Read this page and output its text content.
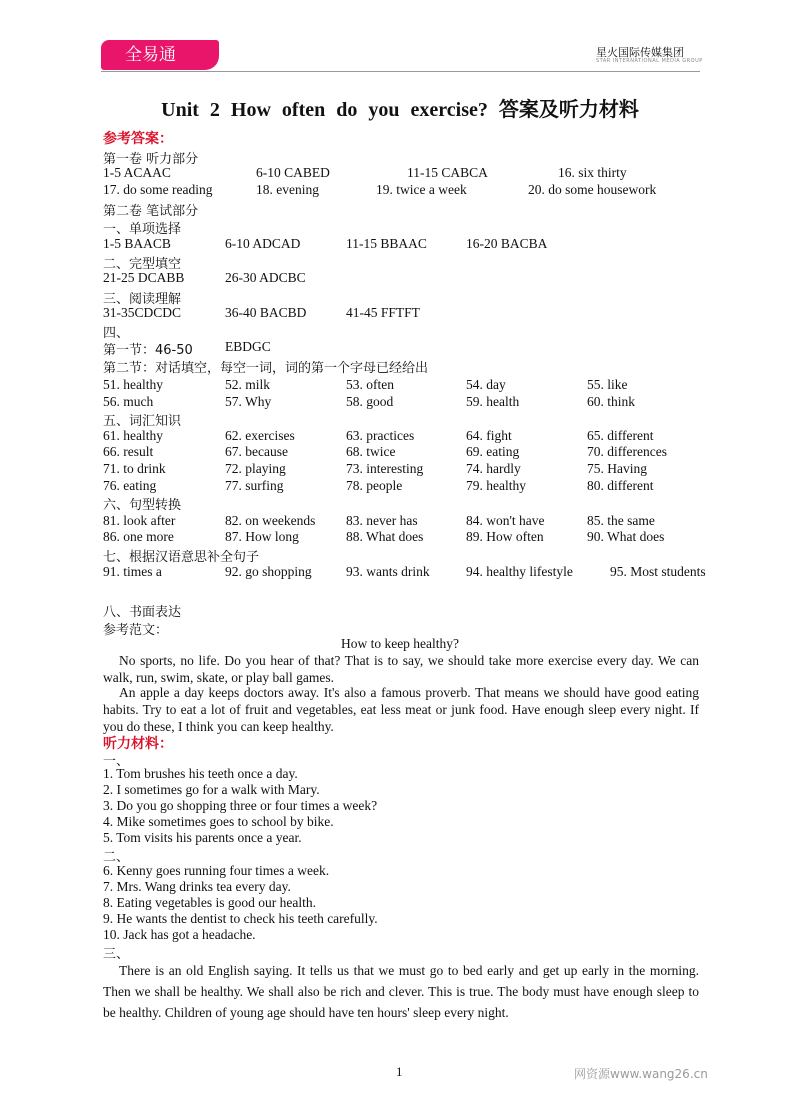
全易通	星火国际传媒集团
STAR INTERNATIONAL MEDIA GROUP
Unit 2 How often do you exercise? 答案及听力材料
参考答案：
第一卷 听力部分
1-5 ACAAC	6-10 CABED	11-15 CABCA	16. six thirty
17. do some reading	18. evening	19. twice a week	20. do some housework
第二卷 笔试部分
一、单项选择
1-5 BAACB	6-10 ADCAD	11-15 BBAAC	16-20 BACBA
二、完型填空
21-25 DCABB	26-30 ADCBC
三、阅读理解
31-35CDCDC	36-40 BACBD	41-45 FFTFT
四、
第一节：46-50 EBDGC
第二节：对话填空，每空一词，词的第一个字母已经给出
51. healthy	52. milk	53. often	54. day	55. like
56. much	57. Why	58. good	59. health	60. think
五、词汇知识
61. healthy	62. exercises	63. practices	64. fight	65. different
66. result	67. because	68. twice	69. eating	70. differences
71. to drink	72. playing	73. interesting	74. hardly	75. Having
76. eating	77. surfing	78. people	79. healthy	80. different
六、句型转换
81. look after	82. on weekends 83. never has	84. won't have	85. the same
86. one more	87. How long	88. What does	89. How often	90. What does
七、根据汉语意思补全句子
91. times a	92. go shopping	93. wants drink	94. healthy lifestyle	95. Most students
八、书面表达
参考范文：
How to keep healthy?
No sports, no life. Do you hear of that? That is to say, we should take more exercise every day. We can walk, run, swim, skate, or play ball games.
An apple a day keeps doctors away. It's also a famous proverb. That means we should have good eating habits. Try to eat a lot of fruit and vegetables, eat less meat or junk food. Have enough sleep every night. If you do these, I think you can keep healthy.
听力材料：
一、
1. Tom brushes his teeth once a day.
2. I sometimes go for a walk with Mary.
3. Do you go shopping three or four times a week?
4. Mike sometimes goes to school by bike.
5. Tom visits his parents once a year.
二、
6. Kenny goes running four times a week.
7. Mrs. Wang drinks tea every day.
8. Eating vegetables is good our health.
9. He wants the dentist to check his teeth carefully.
10. Jack has got a headache.
三、
There is an old English saying. It tells us that we must go to bed early and get up early in the morning. Then we shall be healthy. We shall also be rich and clever. This is true. The body must have enough sleep to be healthy. Children of young age should have ten hours' sleep every night.
1	网资源www.wang26.cn
